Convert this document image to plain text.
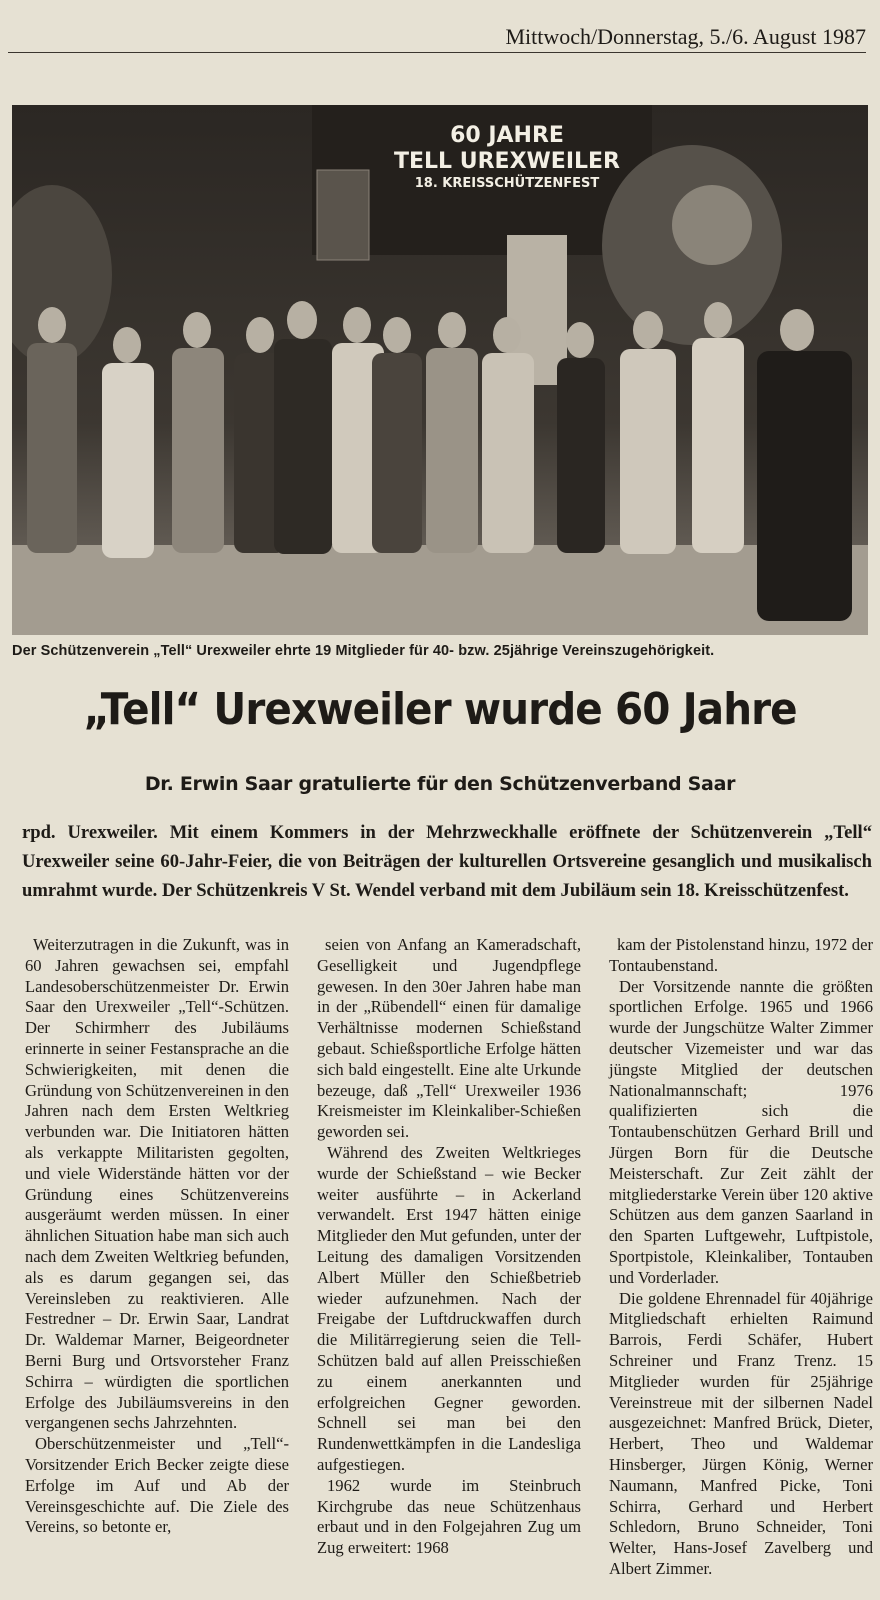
Mittwoch/Donnerstag, 5./6. August 1987
60 JAHRE
TELL UREXWEILER
18. KREISSCHÜTZENFEST
Der Schützenverein „Tell“ Urexweiler ehrte 19 Mitglieder für 40- bzw. 25jährige Vereinszugehörigkeit.
„Tell“ Urexweiler wurde 60 Jahre
Dr. Erwin Saar gratulierte für den Schützenverband Saar
rpd. Urexweiler. Mit einem Kommers in der Mehrzweckhalle eröffnete der Schützenverein „Tell“ Urexweiler seine 60-Jahr-Feier, die von Beiträgen der kulturellen Ortsvereine gesanglich und musikalisch umrahmt wurde. Der Schützenkreis V St. Wendel verband mit dem Jubiläum sein 18. Kreisschützenfest.

Weiterzutragen in die Zukunft, was in 60 Jahren gewachsen sei, empfahl Landesoberschützenmeister Dr. Erwin Saar den Urexweiler „Tell“-Schützen. Der Schirmherr des Jubiläums erinnerte in seiner Festansprache an die Schwierigkeiten, mit denen die Gründung von Schützenvereinen in den Jahren nach dem Ersten Weltkrieg verbunden war. Die Initiatoren hätten als verkappte Militaristen gegolten, und viele Widerstände hätten vor der Gründung eines Schützenvereins ausgeräumt werden müssen. In einer ähnlichen Situation habe man sich auch nach dem Zweiten Weltkrieg befunden, als es darum gegangen sei, das Vereinsleben zu reaktivieren. Alle Festredner – Dr. Erwin Saar, Landrat Dr. Waldemar Marner, Beigeordneter Berni Burg und Ortsvorsteher Franz Schirra – würdigten die sportlichen Erfolge des Jubiläumsvereins in den vergangenen sechs Jahrzehnten.

Oberschützenmeister und „Tell“-Vorsitzender Erich Becker zeigte diese Erfolge im Auf und Ab der Vereinsgeschichte auf. Die Ziele des Vereins, so betonte er,

seien von Anfang an Kameradschaft, Geselligkeit und Jugendpflege gewesen. In den 30er Jahren habe man in der „Rübendell“ einen für damalige Verhältnisse modernen Schießstand gebaut. Schießsportliche Erfolge hätten sich bald eingestellt. Eine alte Urkunde bezeuge, daß „Tell“ Urexweiler 1936 Kreismeister im Kleinkaliber-Schießen geworden sei.

Während des Zweiten Weltkrieges wurde der Schießstand – wie Becker weiter ausführte – in Ackerland verwandelt. Erst 1947 hätten einige Mitglieder den Mut gefunden, unter der Leitung des damaligen Vorsitzenden Albert Müller den Schießbetrieb wieder aufzunehmen. Nach der Freigabe der Luftdruckwaffen durch die Militärregierung seien die Tell-Schützen bald auf allen Preisschießen zu einem anerkannten und erfolgreichen Gegner geworden. Schnell sei man bei den Rundenwettkämpfen in die Landesliga aufgestiegen.

1962 wurde im Steinbruch Kirchgrube das neue Schützenhaus erbaut und in den Folgejahren Zug um Zug erweitert: 1968

kam der Pistolenstand hinzu, 1972 der Tontaubenstand.

Der Vorsitzende nannte die größten sportlichen Erfolge. 1965 und 1966 wurde der Jungschütze Walter Zimmer deutscher Vizemeister und war das jüngste Mitglied der deutschen Nationalmannschaft; 1976 qualifizierten sich die Tontaubenschützen Gerhard Brill und Jürgen Born für die Deutsche Meisterschaft. Zur Zeit zählt der mitgliederstarke Verein über 120 aktive Schützen aus dem ganzen Saarland in den Sparten Luftgewehr, Luftpistole, Sportpistole, Kleinkaliber, Tontauben und Vorderlader.

Die goldene Ehrennadel für 40jährige Mitgliedschaft erhielten Raimund Barrois, Ferdi Schäfer, Hubert Schreiner und Franz Trenz. 15 Mitglieder wurden für 25jährige Vereinstreue mit der silbernen Nadel ausgezeichnet: Manfred Brück, Dieter, Herbert, Theo und Waldemar Hinsberger, Jürgen König, Werner Naumann, Manfred Picke, Toni Schirra, Gerhard und Herbert Schledorn, Bruno Schneider, Toni Welter, Hans-Josef Zavelberg und Albert Zimmer.
